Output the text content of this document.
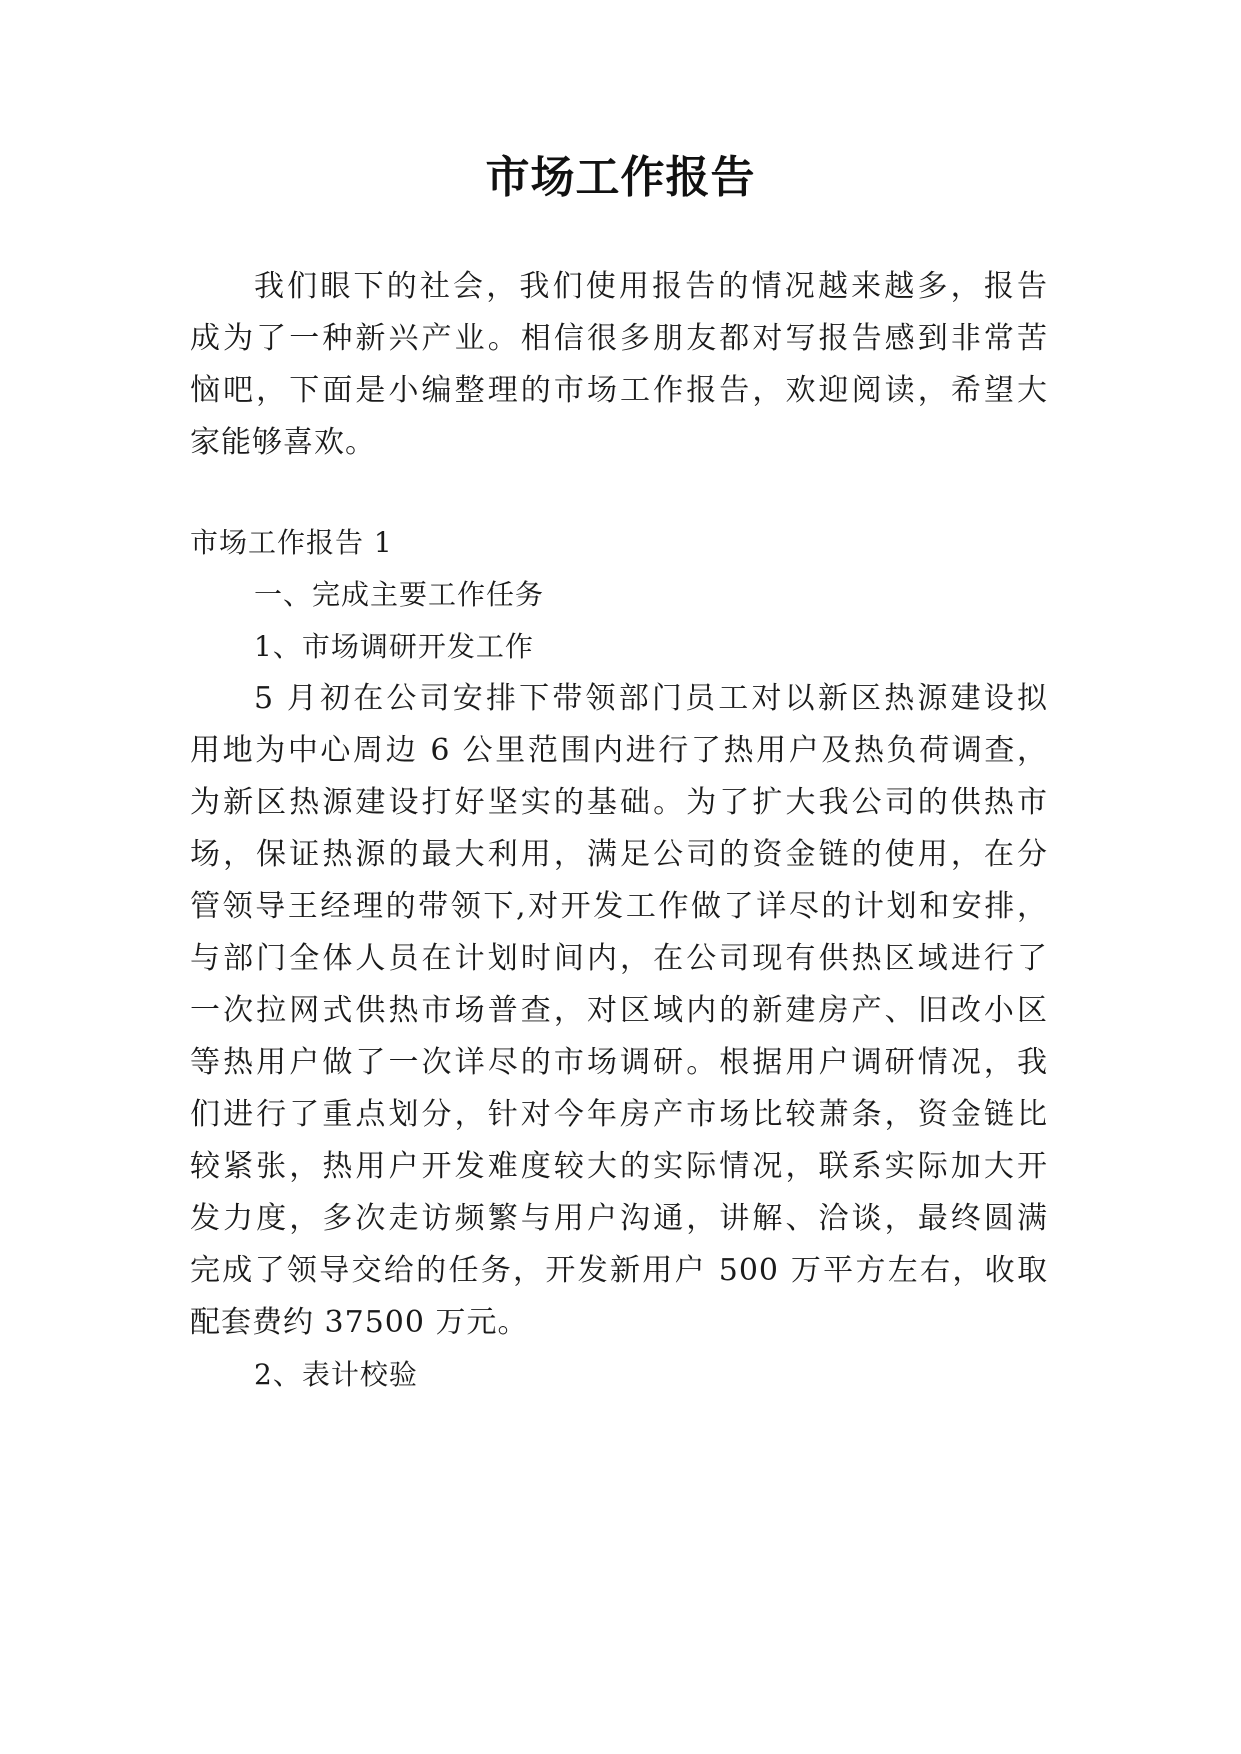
市场工作报告
我们眼下的社会，我们使用报告的情况越来越多，报告
成为了一种新兴产业。相信很多朋友都对写报告感到非常苦
恼吧，下面是小编整理的市场工作报告，欢迎阅读，希望大
家能够喜欢。
市场工作报告 1
一、完成主要工作任务
1、市场调研开发工作
5 月初在公司安排下带领部门员工对以新区热源建设拟
用地为中心周边 6 公里范围内进行了热用户及热负荷调查，
为新区热源建设打好坚实的基础。为了扩大我公司的供热市
场，保证热源的最大利用，满足公司的资金链的使用，在分
管领导王经理的带领下,对开发工作做了详尽的计划和安排，
与部门全体人员在计划时间内，在公司现有供热区域进行了
一次拉网式供热市场普查，对区域内的新建房产、旧改小区
等热用户做了一次详尽的市场调研。根据用户调研情况，我
们进行了重点划分，针对今年房产市场比较萧条，资金链比
较紧张，热用户开发难度较大的实际情况，联系实际加大开
发力度，多次走访频繁与用户沟通，讲解、洽谈，最终圆满
完成了领导交给的任务，开发新用户 500 万平方左右，收取
配套费约 37500 万元。
2、表计校验
